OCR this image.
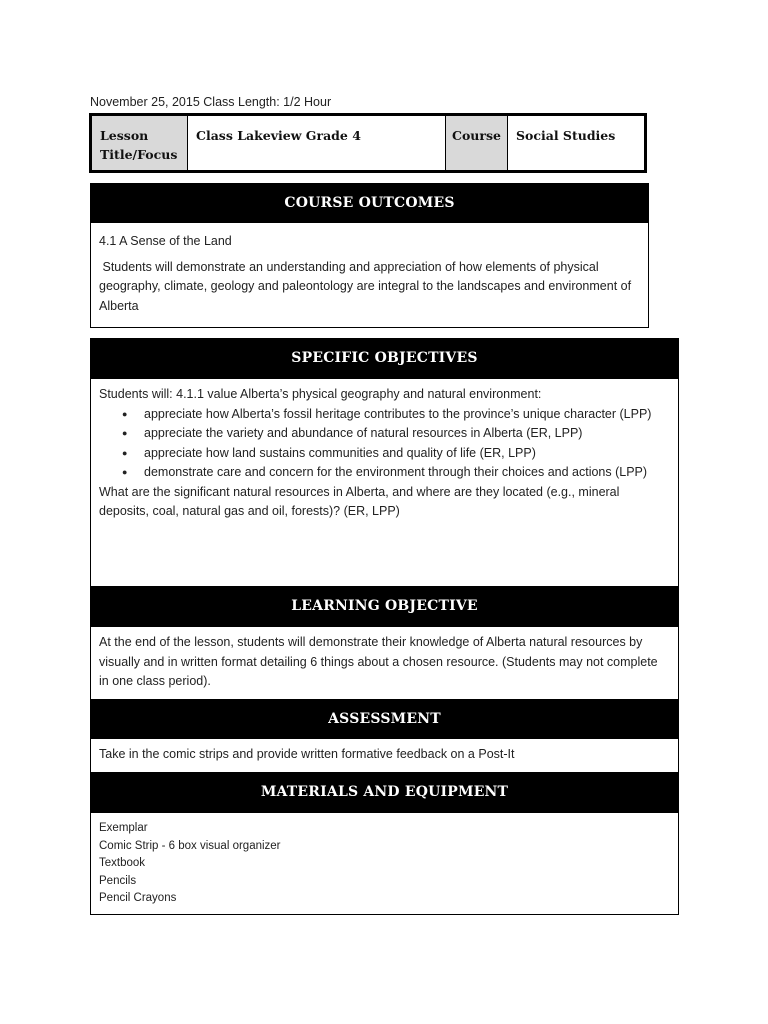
November 25, 2015 Class Length: 1/2 Hour
Lesson Title/Focus
Class Lakeview Grade 4	Course	Social Studies
COURSE OUTCOMES

4.1 A Sense of the Land

Students will demonstrate an understanding and appreciation of how elements of physical geography, climate, geology and paleontology are integral to the landscapes and environment of Alberta

SPECIFIC OBJECTIVES

Students will: 4.1.1 value Alberta’s physical geography and natural environment:

● appreciate how Alberta’s fossil heritage contributes to the province’s unique character (LPP)
● appreciate the variety and abundance of natural resources in Alberta (ER, LPP)
● appreciate how land sustains communities and quality of life (ER, LPP)
● demonstrate care and concern for the environment through their choices and actions (LPP)

What are the significant natural resources in Alberta, and where are they located (e.g., mineral deposits, coal, natural gas and oil, forests)? (ER, LPP)

LEARNING OBJECTIVE

At the end of the lesson, students will demonstrate their knowledge of Alberta natural resources by visually and in written format detailing 6 things about a chosen resource. (Students may not complete in one class period).

ASSESSMENT

Take in the comic strips and provide written formative feedback on a Post-It

MATERIALS AND EQUIPMENT
Exemplar
Comic Strip - 6 box visual organizer
Textbook
Pencils
Pencil Crayons
